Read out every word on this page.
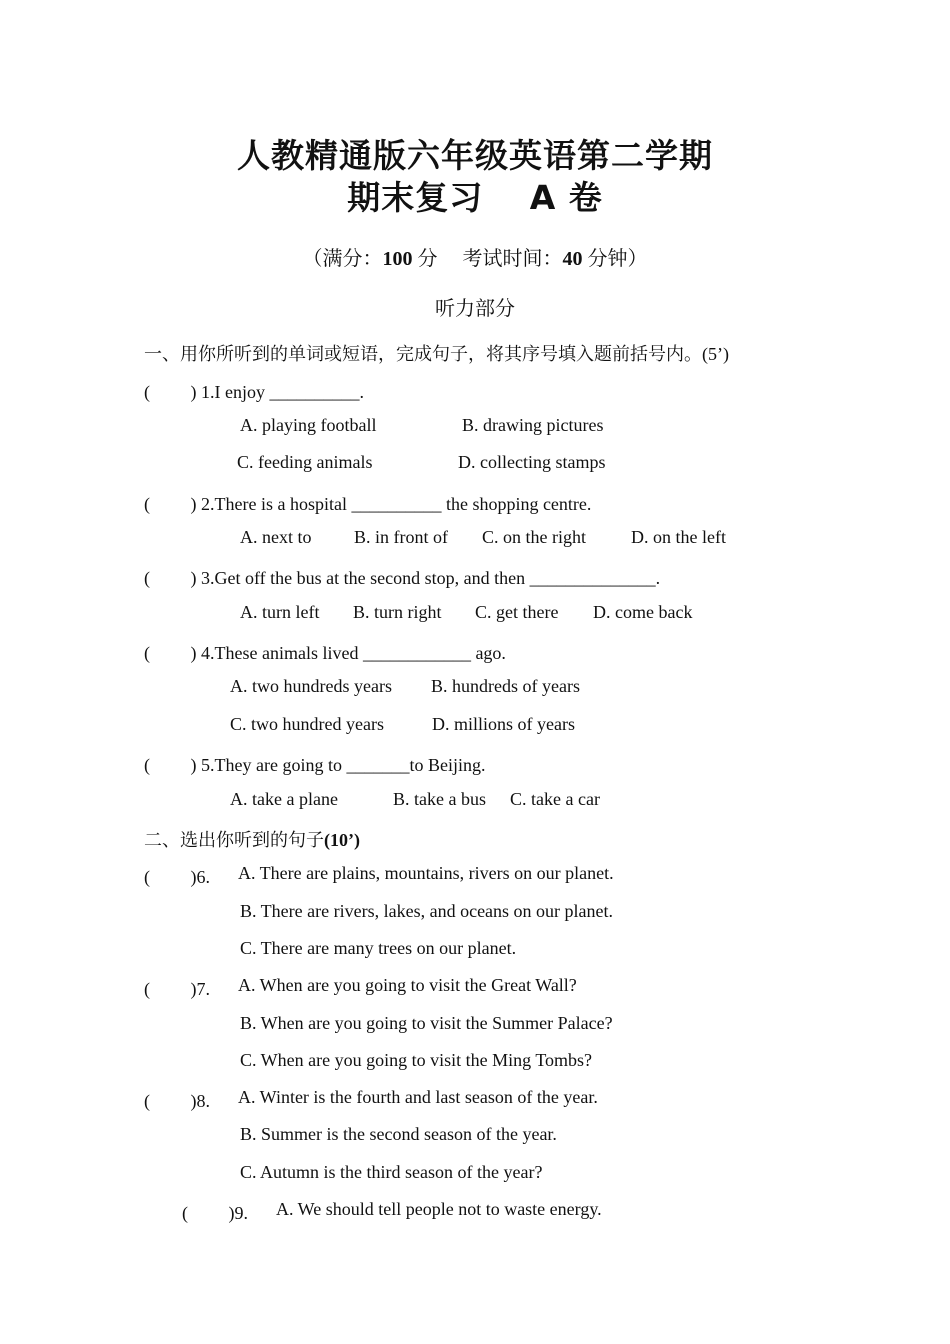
人教精通版六年级英语第二学期
期末复习　 A 卷
（满分：100 分　 考试时间：40 分钟）
听力部分
一、用你所听到的单词或短语，完成句子，将其序号填入题前括号内。(5’)
(　　 ) 1.I enjoy __________.
A. playing football	B. drawing pictures
C. feeding animals	D. collecting stamps
(　　 ) 2.There is a hospital __________ the shopping centre.
A. next to B. in front of C. on the right	D. on the left
(　　 ) 3.Get off the bus at the second stop, and then ______________.
A. turn left B. turn right C. get there D. come back
(　　 ) 4.These animals lived ____________ ago.
A. two hundreds years B. hundreds of years
C. two hundred years	D. millions of years
(　　 ) 5.They are going to _______to Beijing.
A. take a plane	B. take a bus C. take a car
二、选出你听到的句子(10’)
(　　 )6. A. There are plains, mountains, rivers on our planet.
B. There are rivers, lakes, and oceans on our planet.
C. There are many trees on our planet.
(　　 )7. A. When are you going to visit the Great Wall?
B. When are you going to visit the Summer Palace?
C. When are you going to visit the Ming Tombs?
(　　 )8. A. Winter is the fourth and last season of the year.
B. Summer is the second season of the year.
C. Autumn is the third season of the year?
(　　 )9. A. We should tell people not to waste energy.
